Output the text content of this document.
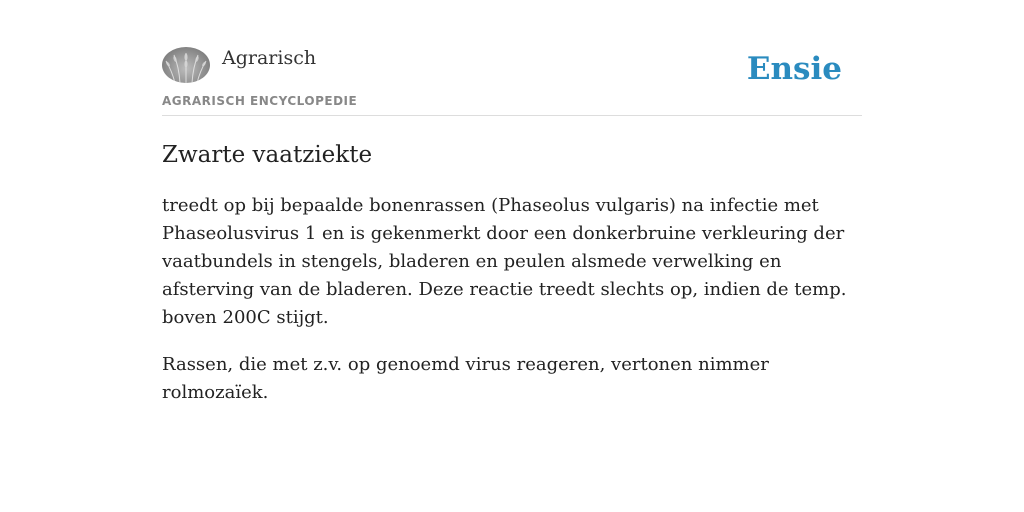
Agrarisch
AGRARISCH ENCYCLOPEDIE
Ensie
Zwarte vaatziekte

treedt op bij bepaalde bonenrassen (Phaseolus vulgaris) na infectie met Phaseolusvirus 1 en is gekenmerkt door een donkerbruine verkleuring der vaatbundels in stengels, bladeren en peulen alsmede verwelking en afsterving van de bladeren. Deze reactie treedt slechts op, indien de temp. boven 200C stijgt.

Rassen, die met z.v. op genoemd virus reageren, vertonen nimmer rolmozaïek.
